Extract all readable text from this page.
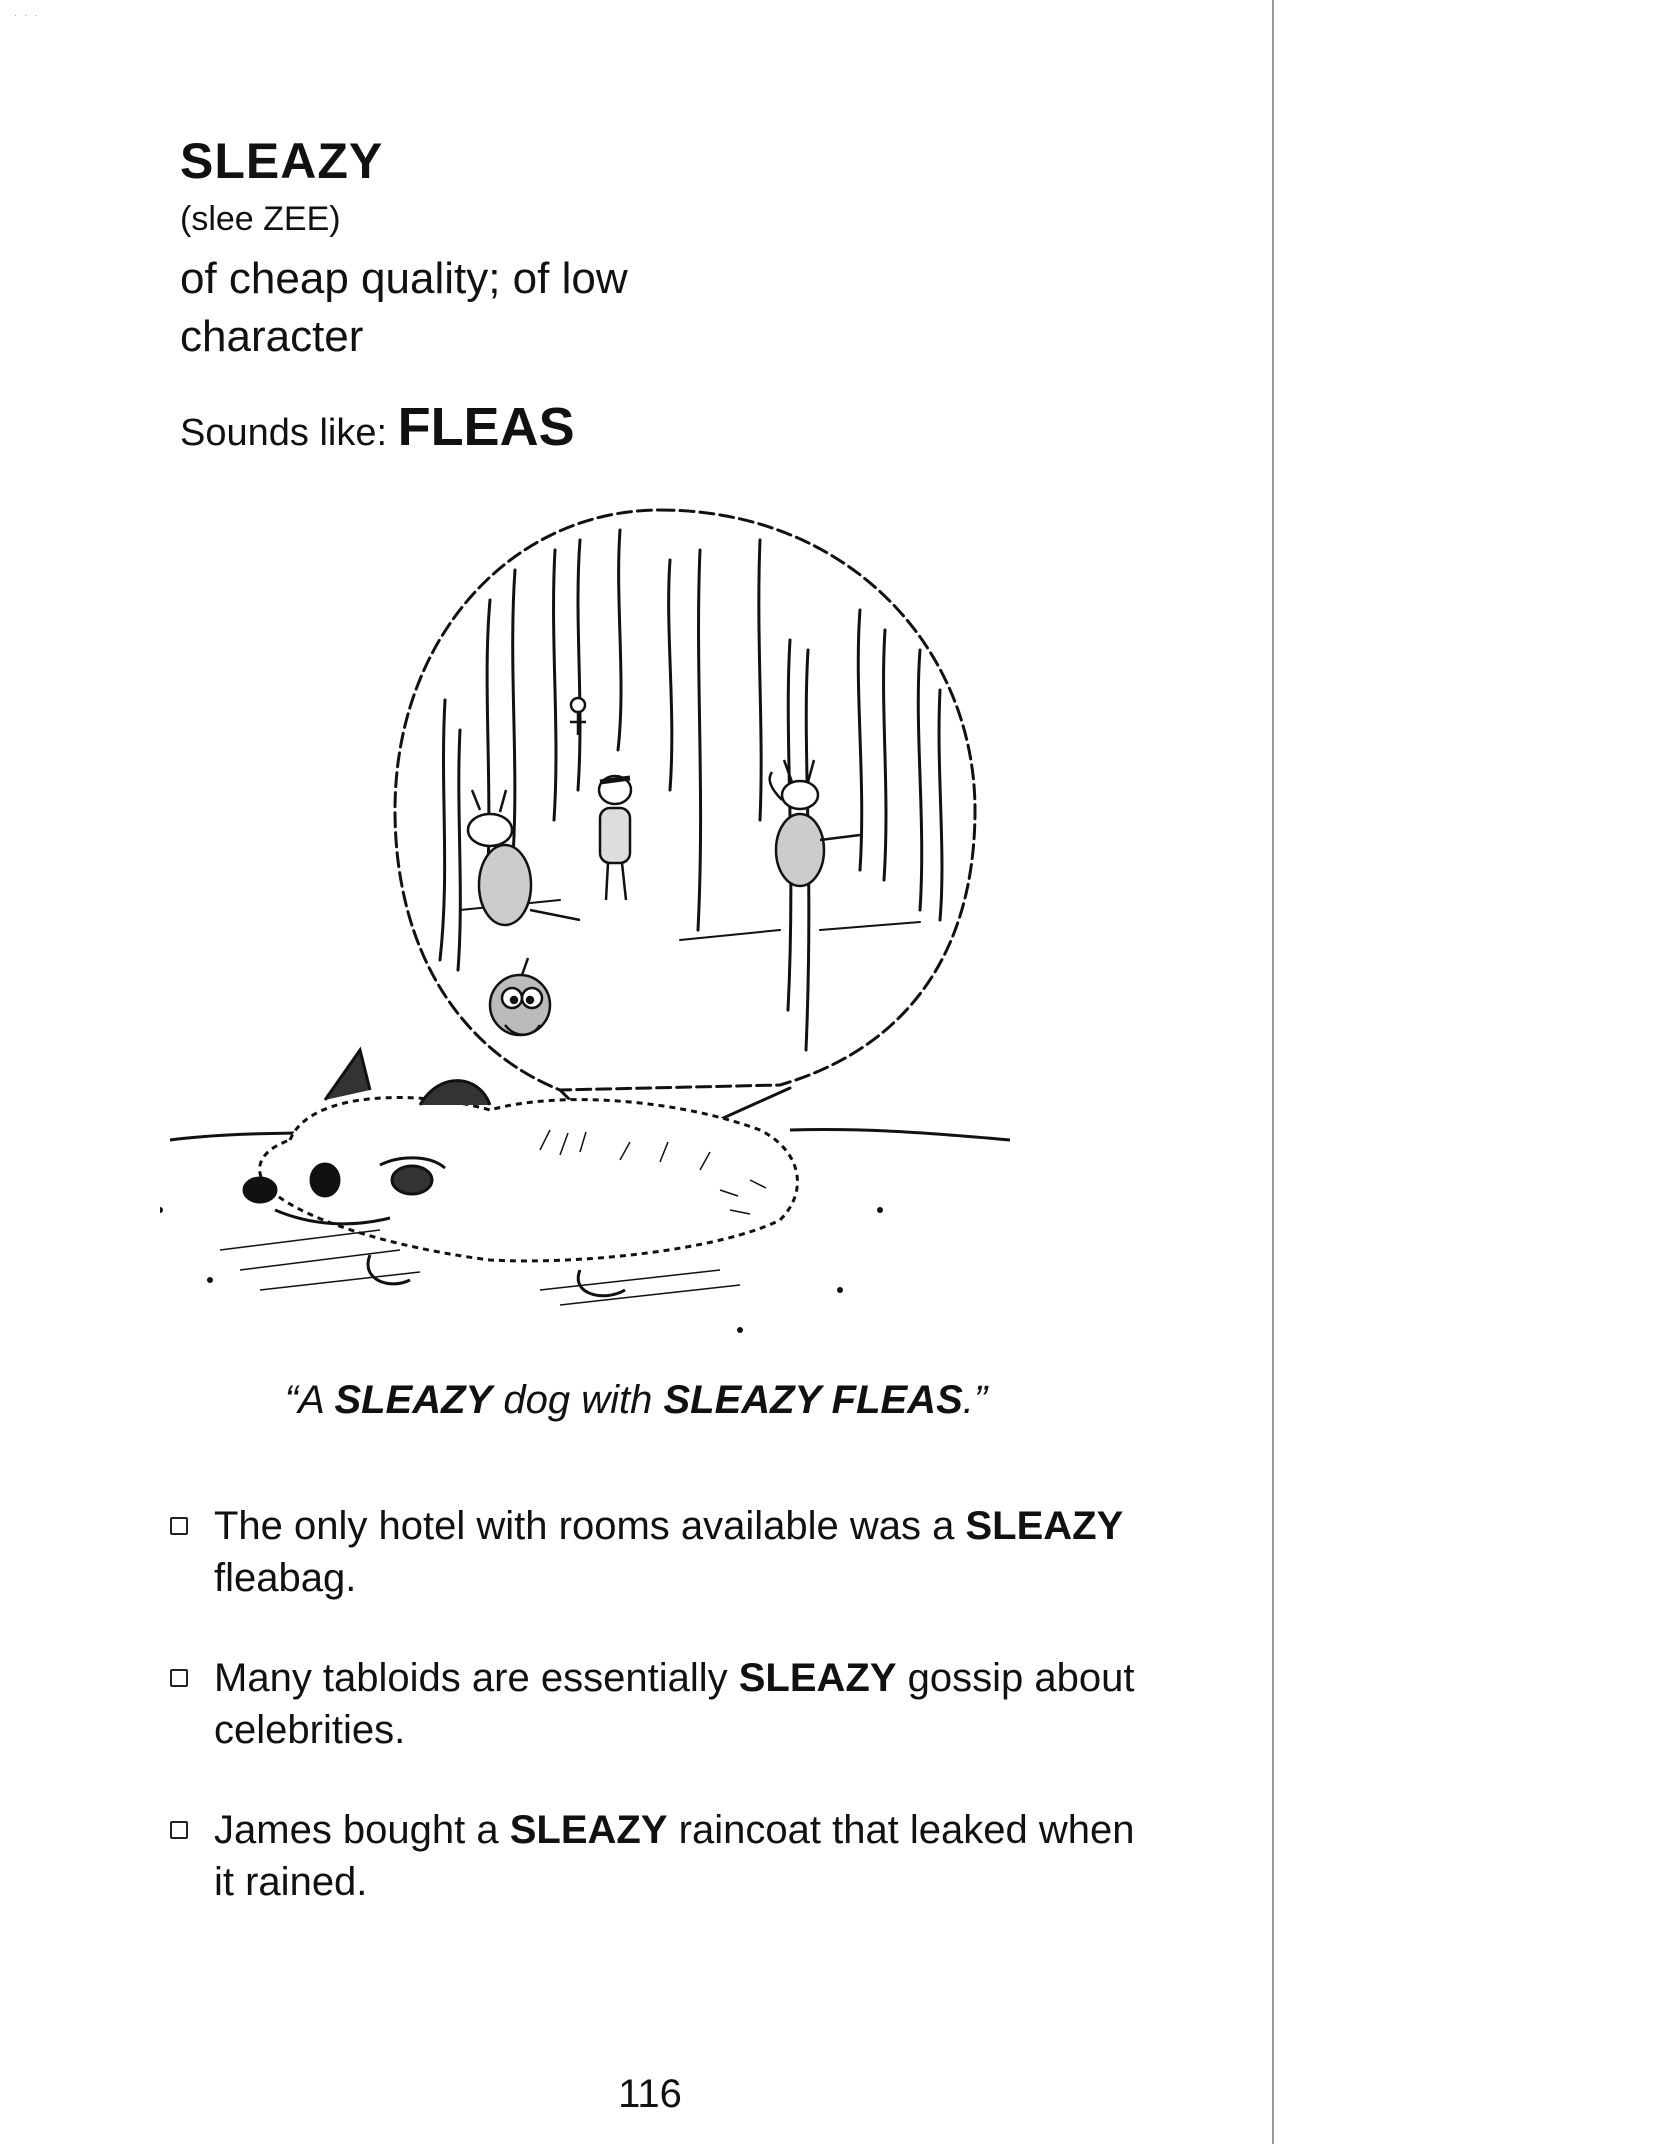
· · ·
SLEAZY
(slee ZEE)
of cheap quality; of low character
Sounds like: FLEAS
“A SLEAZY dog with SLEAZY FLEAS.”
The only hotel with rooms available was a SLEAZY fleabag.
Many tabloids are essentially SLEAZY gossip about celebrities.
James bought a SLEAZY raincoat that leaked when it rained.
116
